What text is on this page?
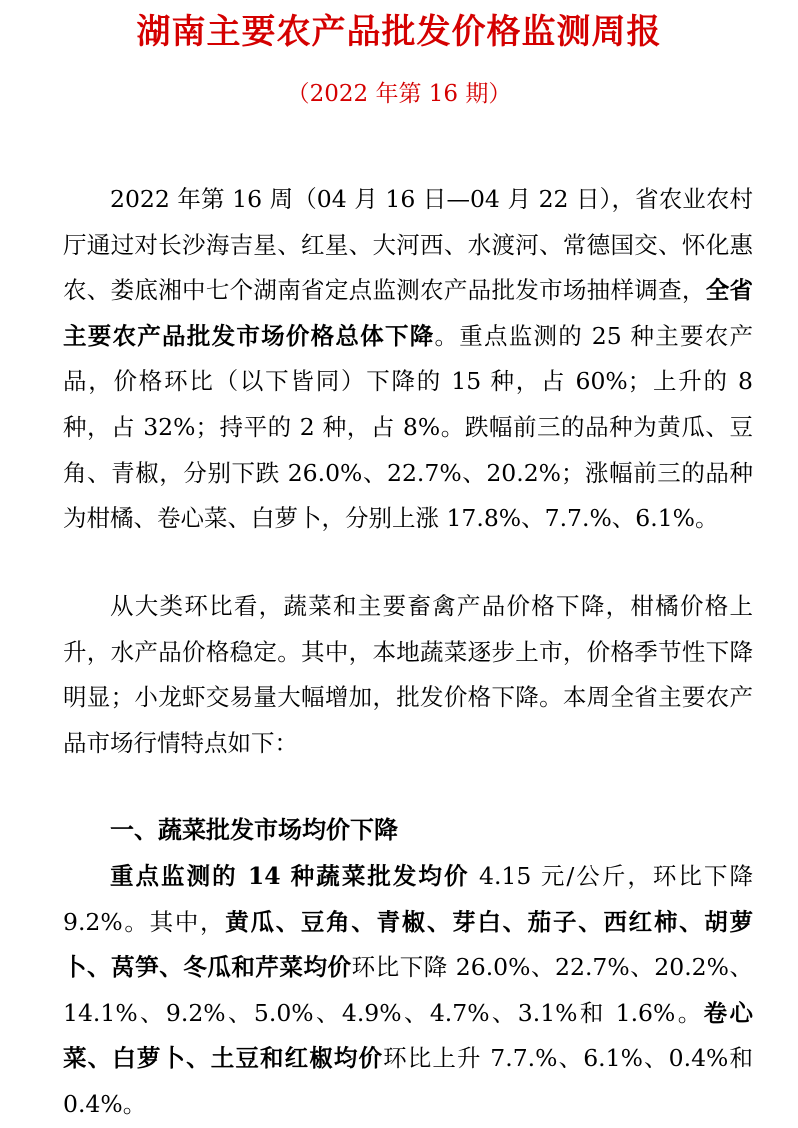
湖南主要农产品批发价格监测周报
（2022 年第 16 期）

2022 年第 16 周（04 月 16 日—04 月 22 日），省农业农村厅通过对长沙海吉星、红星、大河西、水渡河、常德国交、怀化惠农、娄底湘中七个湖南省定点监测农产品批发市场抽样调查，全省主要农产品批发市场价格总体下降。重点监测的 25 种主要农产品，价格环比（以下皆同）下降的 15 种，占 60%；上升的 8 种，占 32%；持平的 2 种，占 8%。跌幅前三的品种为黄瓜、豆角、青椒，分别下跌 26.0%、22.7%、20.2%；涨幅前三的品种为柑橘、卷心菜、白萝卜，分别上涨 17.8%、7.7.%、6.1%。

从大类环比看，蔬菜和主要畜禽产品价格下降，柑橘价格上升，水产品价格稳定。其中，本地蔬菜逐步上市，价格季节性下降明显；小龙虾交易量大幅增加，批发价格下降。本周全省主要农产品市场行情特点如下：

一、蔬菜批发市场均价下降

重点监测的 14 种蔬菜批发均价 4.15 元/公斤，环比下降 9.2%。其中，黄瓜、豆角、青椒、芽白、茄子、西红柿、胡萝卜、莴笋、冬瓜和芹菜均价环比下降 26.0%、22.7%、20.2%、14.1%、9.2%、5.0%、4.9%、4.7%、3.1%和 1.6%。卷心菜、白萝卜、土豆和红椒均价环比上升 7.7.%、6.1%、0.4%和 0.4%。
